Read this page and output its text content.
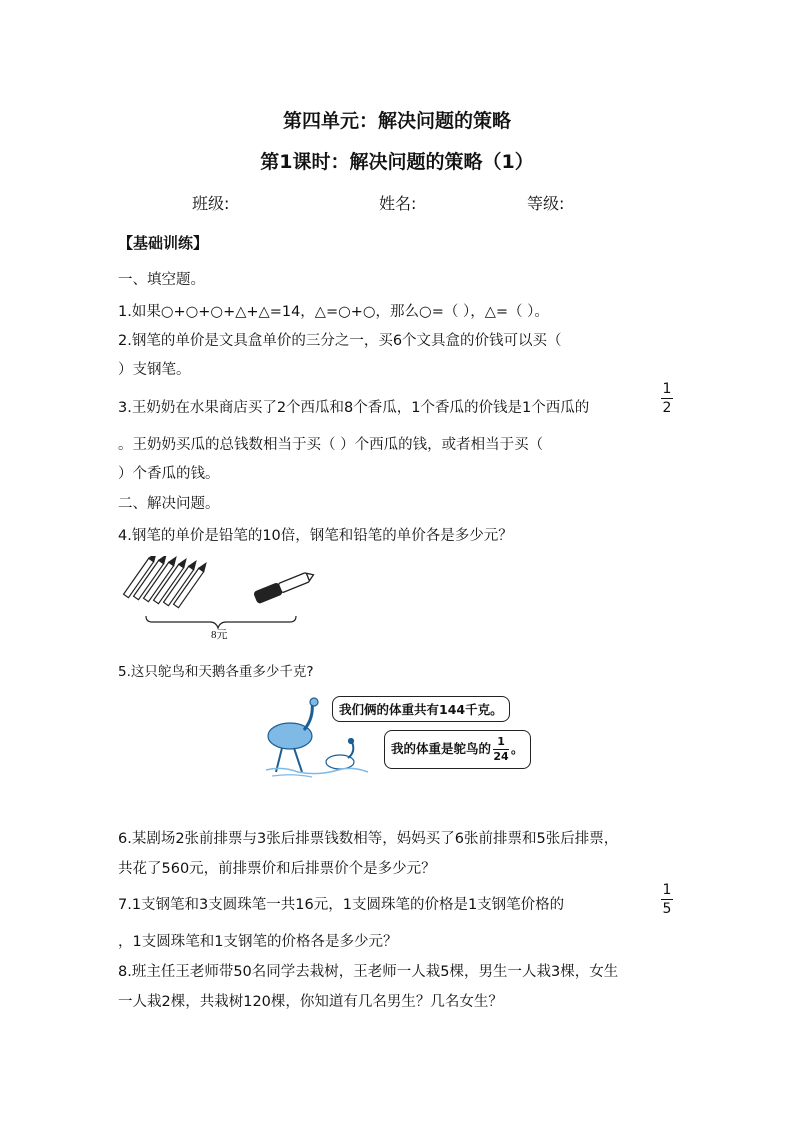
第四单元：解决问题的策略
第1课时：解决问题的策略（1）
班级:	姓名:	等级:
【基础训练】
一、填空题。
1.如果○+○+○+△+△=14，△=○+○，那么○=（ ），△=（ ）。
2.钢笔的单价是文具盒单价的三分之一，买6个文具盒的价钱可以买（
）支钢笔。
3.王奶奶在水果商店买了2个西瓜和8个香瓜，1个香瓜的价钱是1个西瓜的
1
2
。王奶奶买瓜的总钱数相当于买（ ）个西瓜的钱，或者相当于买（
）个香瓜的钱。
二、解决问题。
4.钢笔的单价是铅笔的10倍，钢笔和铅笔的单价各是多少元？
8元
5.这只鸵鸟和天鹅各重多少千克?
我们俩的体重共有144千克。
我的体重是鸵鸟的 $\frac{1}{24}$ 。
6.某剧场2张前排票与3张后排票钱数相等，妈妈买了6张前排票和5张后排票，
共花了560元，前排票价和后排票价个是多少元？
7.1支钢笔和3支圆珠笔一共16元，1支圆珠笔的价格是1支钢笔价格的
1
5
，1支圆珠笔和1支钢笔的价格各是多少元？
8.班主任王老师带50名同学去栽树，王老师一人栽5棵，男生一人栽3棵，女生
一人栽2棵，共栽树120棵，你知道有几名男生？几名女生？
